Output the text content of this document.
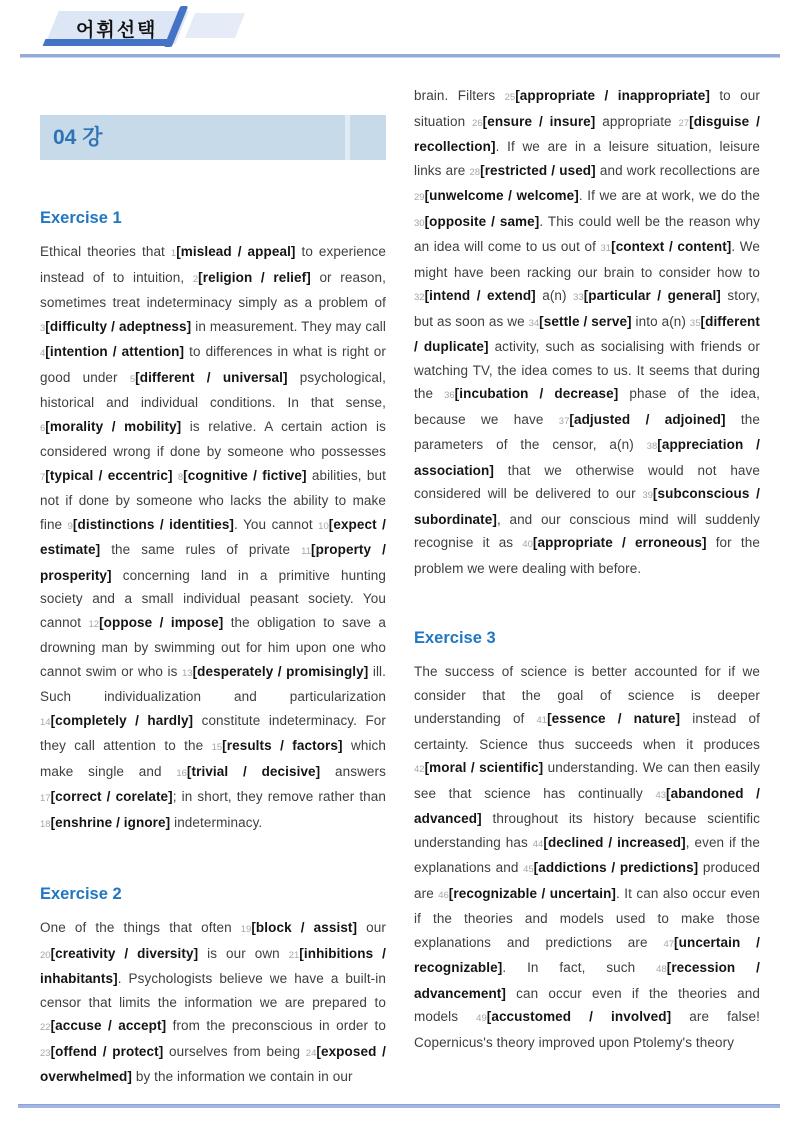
어휘선택
04 강
Exercise 1

Ethical theories that 1[mislead / appeal] to experience instead of to intuition, 2[religion / relief] or reason, sometimes treat indeterminacy simply as a problem of 3[difficulty / adeptness] in measurement. They may call 4[intention / attention] to differences in what is right or good under 5[different / universal] psychological, historical and individual conditions. In that sense, 6[morality / mobility] is relative. A certain action is considered wrong if done by someone who possesses 7[typical / eccentric] 8[cognitive / fictive] abilities, but not if done by someone who lacks the ability to make fine 9[distinctions / identities]. You cannot 10[expect / estimate] the same rules of private 11[property / prosperity] concerning land in a primitive hunting society and a small individual peasant society. You cannot 12[oppose / impose] the obligation to save a drowning man by swimming out for him upon one who cannot swim or who is 13[desperately / promisingly] ill. Such individualization and particularization 14[completely / hardly] constitute indeterminacy. For they call attention to the 15[results / factors] which make single and 16[trivial / decisive] answers 17[correct / corelate]; in short, they remove rather than 18[enshrine / ignore] indeterminacy.

Exercise 2

One of the things that often 19[block / assist] our 20[creativity / diversity] is our own 21[inhibitions / inhabitants]. Psychologists believe we have a built-in censor that limits the information we are prepared to 22[accuse / accept] from the preconscious in order to 23[offend / protect] ourselves from being 24[exposed / overwhelmed] by the information we contain in our

brain. Filters 25[appropriate / inappropriate] to our situation 26[ensure / insure] appropriate 27[disguise / recollection]. If we are in a leisure situation, leisure links are 28[restricted / used] and work recollections are 29[unwelcome / welcome]. If we are at work, we do the 30[opposite / same]. This could well be the reason why an idea will come to us out of 31[context / content]. We might have been racking our brain to consider how to 32[intend / extend] a(n) 33[particular / general] story, but as soon as we 34[settle / serve] into a(n) 35[different / duplicate] activity, such as socialising with friends or watching TV, the idea comes to us. It seems that during the 36[incubation / decrease] phase of the idea, because we have 37[adjusted / adjoined] the parameters of the censor, a(n) 38[appreciation / association] that we otherwise would not have considered will be delivered to our 39[subconscious / subordinate], and our conscious mind will suddenly recognise it as 40[appropriate / erroneous] for the problem we were dealing with before.

Exercise 3

The success of science is better accounted for if we consider that the goal of science is deeper understanding of 41[essence / nature] instead of certainty. Science thus succeeds when it produces 42[moral / scientific] understanding. We can then easily see that science has continually 43[abandoned / advanced] throughout its history because scientific understanding has 44[declined / increased], even if the explanations and 45[addictions / predictions] produced are 46[recognizable / uncertain]. It can also occur even if the theories and models used to make those explanations and predictions are 47[uncertain / recognizable]. In fact, such 48[recession / advancement] can occur even if the theories and models 49[accustomed / involved] are false! Copernicus's theory improved upon Ptolemy's theory
